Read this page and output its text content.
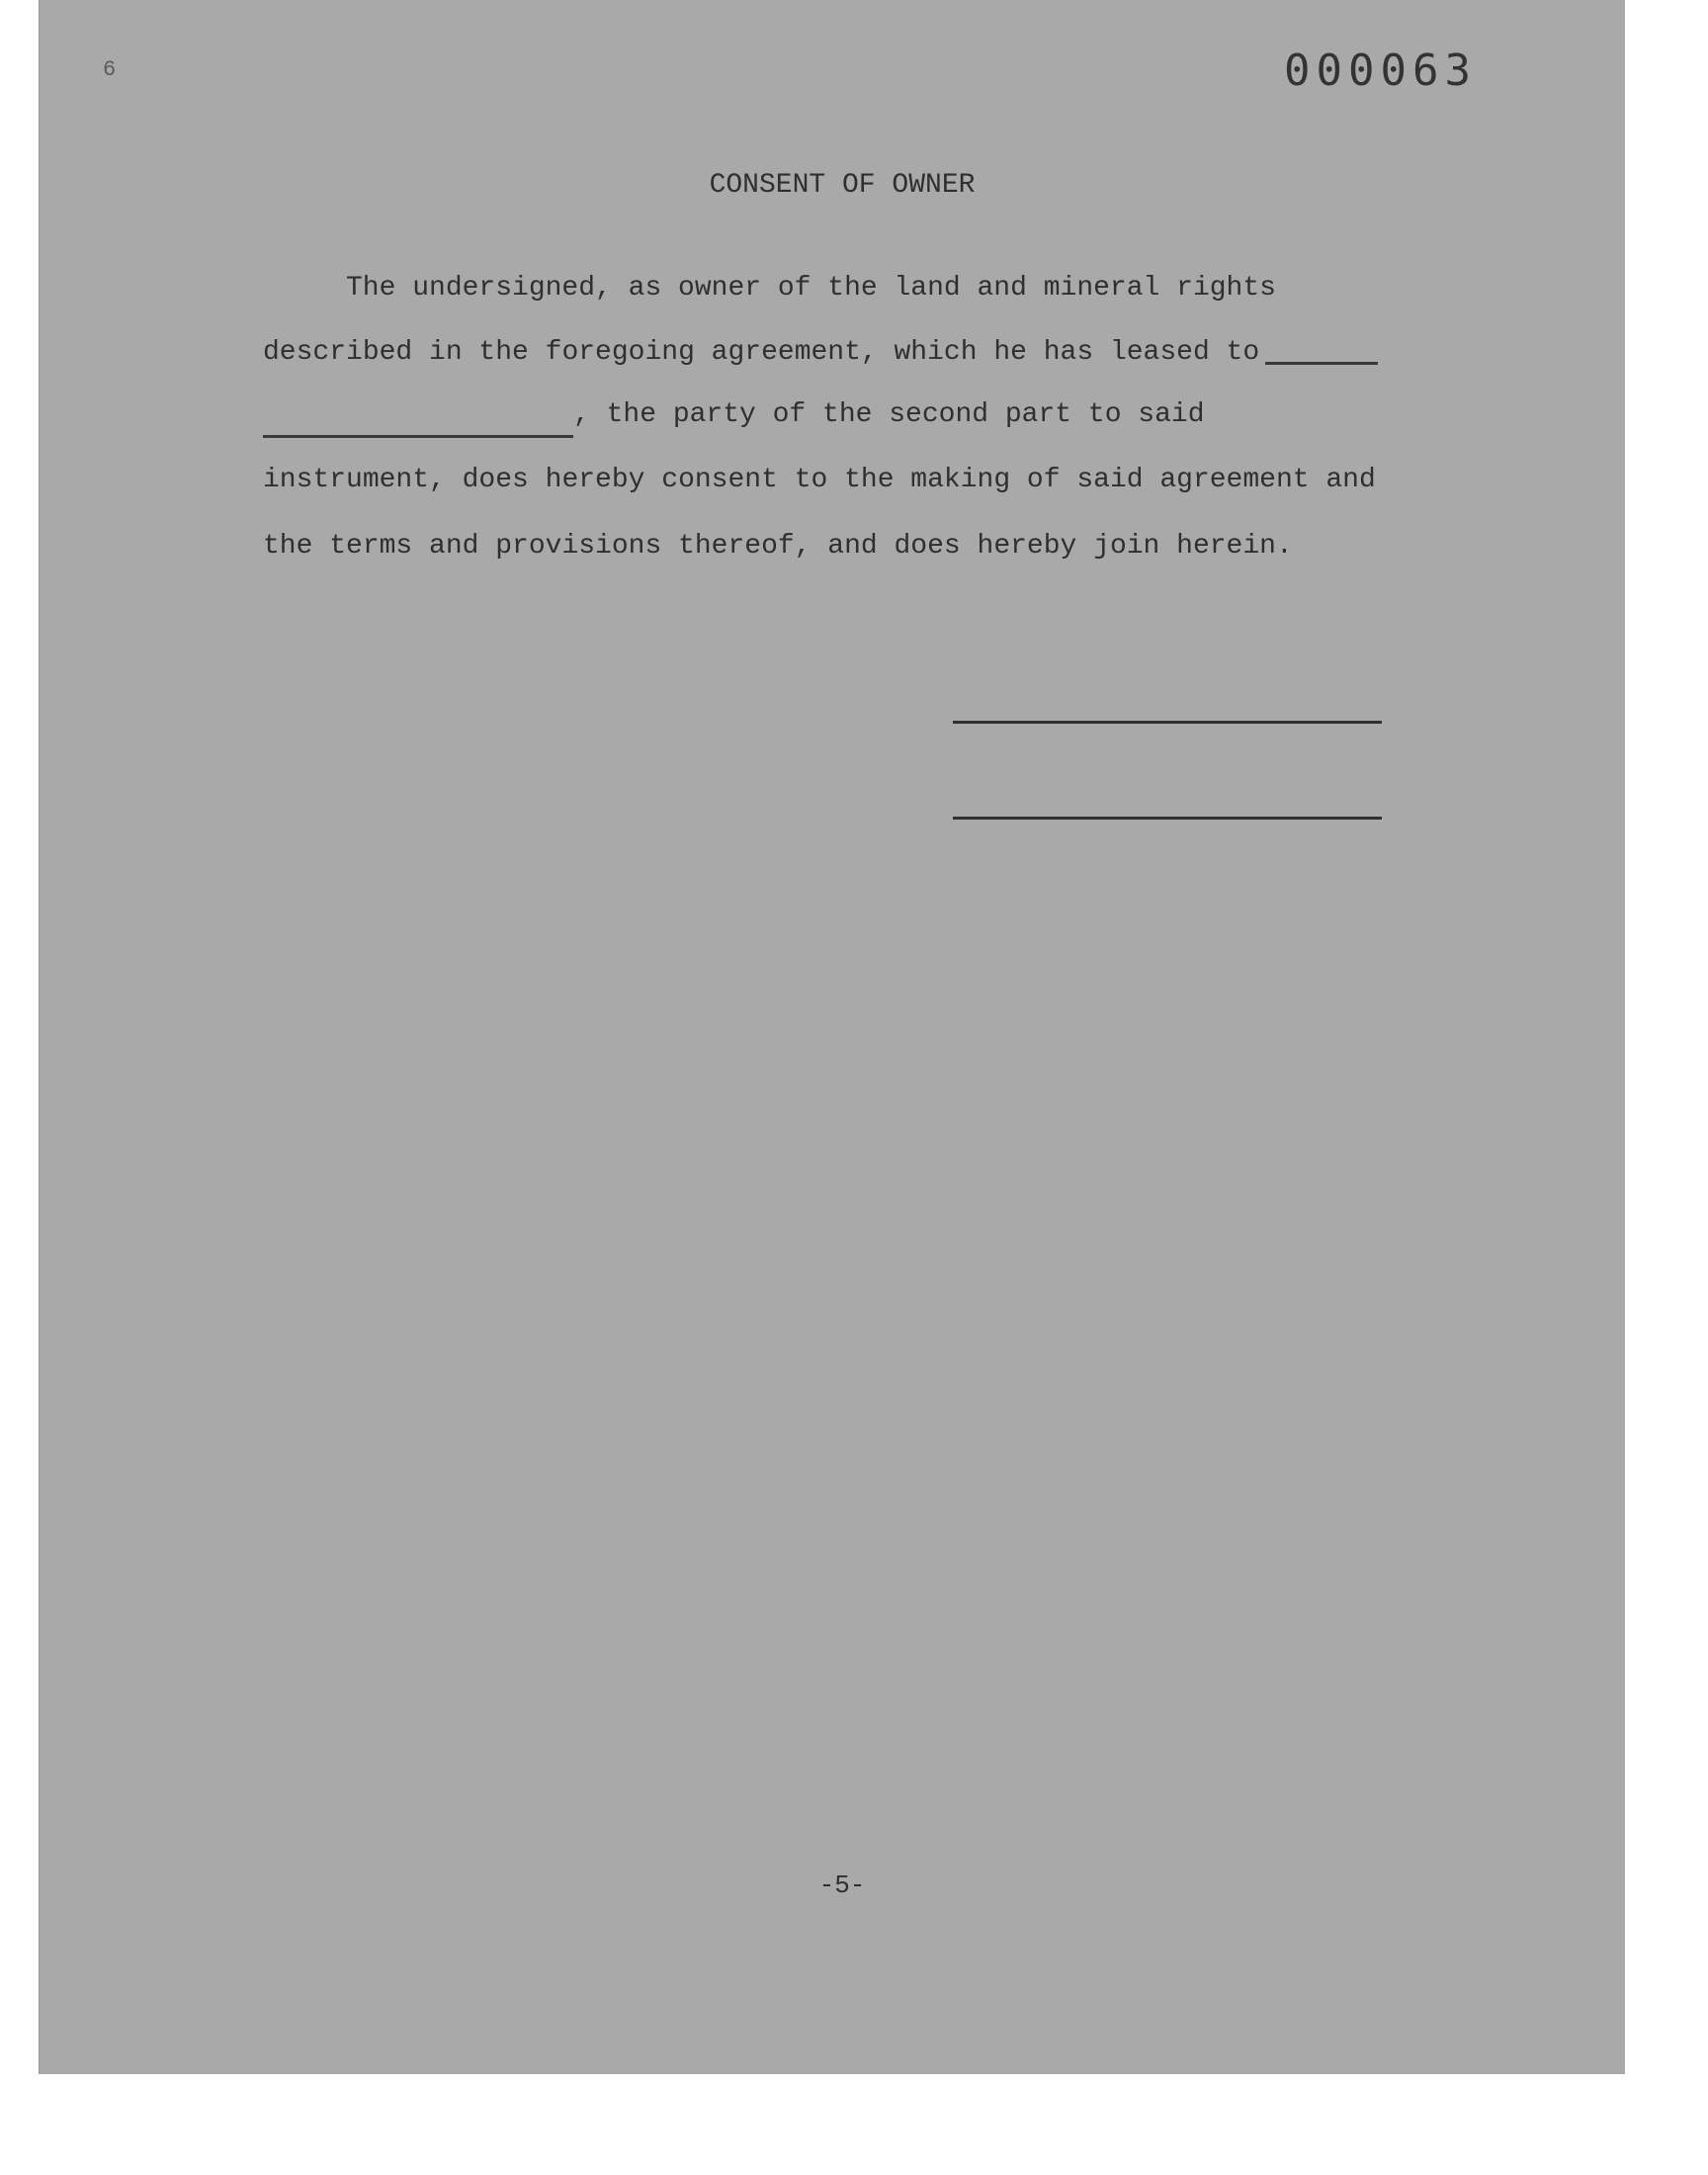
6	000063
CONSENT OF OWNER
The undersigned, as owner of the land and mineral rights
described in the foregoing agreement, which he has leased to
, the party of the second part to said
instrument, does hereby consent to the making of said agreement and
the terms and provisions thereof, and does hereby join herein.
-5-
